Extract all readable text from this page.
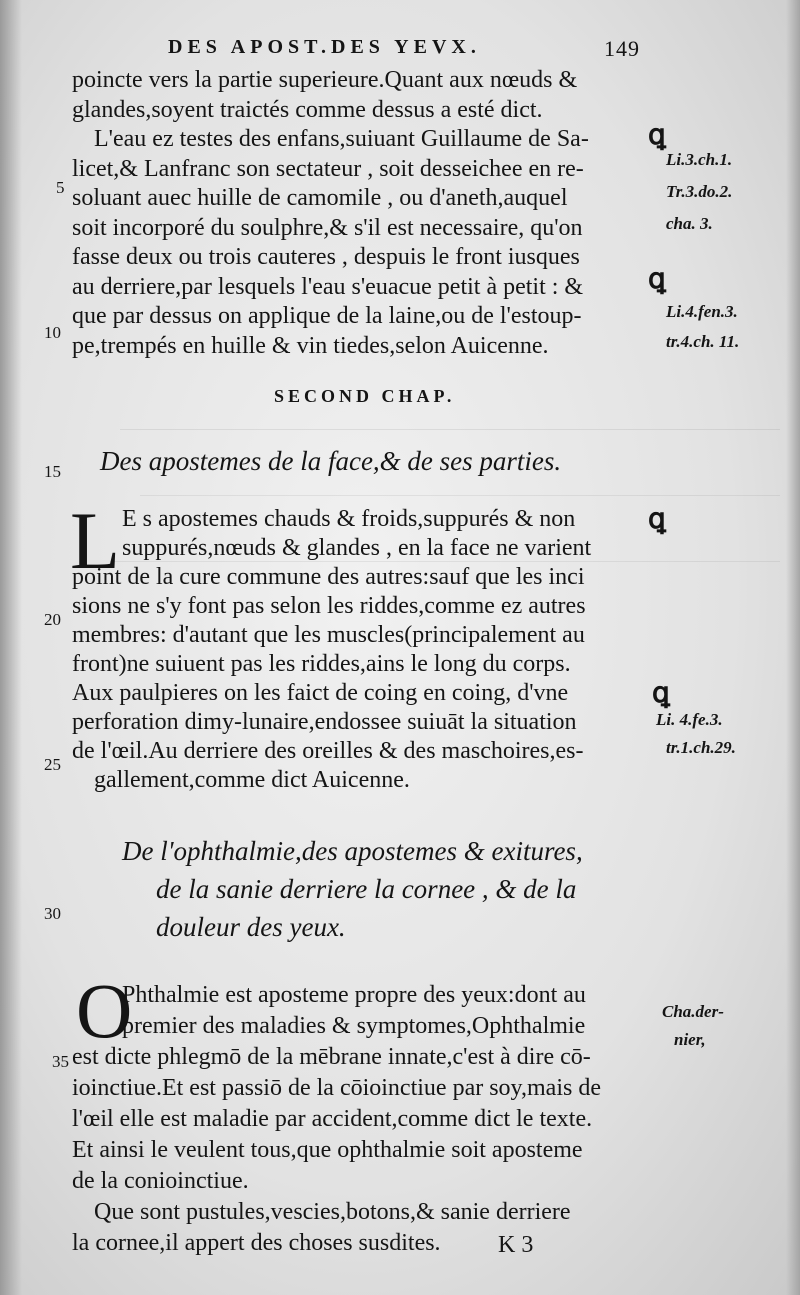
DES APOST.DES YEVX.	149
poincte vers la partie superieure.Quant aux nœuds &
glandes,soyent traictés comme dessus a esté dict.
L'eau ez testes des enfans,suiuant Guillaume de Sa-
licet,& Lanfranc son sectateur , soit desseichee en re-
soluant auec huille de camomile , ou d'aneth,auquel
soit incorporé du soulphre,& s'il est necessaire, qu'on
fasse deux ou trois cauteres , despuis le front iusques
au derriere,par lesquels l'eau s'euacue petit à petit : &
que par dessus on applique de la laine,ou de l'estoup-
pe,trempés en huille & vin tiedes,selon Auicenne.
SECOND CHAP.
Des apostemes de la face,& de ses parties.
L E s apostemes chauds & froids,suppurés & non
suppurés,nœuds & glandes , en la face ne varient
point de la cure commune des autres:sauf que les inci
sions ne s'y font pas selon les riddes,comme ez autres
membres: d'autant que les muscles(principalement au
front)ne suiuent pas les riddes,ains le long du corps.
Aux paulpieres on les faict de coing en coing, d'vne
perforation dimy-lunaire,endossee suiuāt la situation
de l'œil.Au derriere des oreilles & des maschoires,es-
gallement,comme dict Auicenne.
De l'ophthalmie,des apostemes & exitures,
de la sanie derriere la cornee , & de la
douleur des yeux.
O
Phthalmie est aposteme propre des yeux:dont au
premier des maladies & symptomes,Ophthalmie
est dicte phlegmō de la mēbrane innate,c'est à dire cō-
ioinctiue.Et est passiō de la cōioinctiue par soy,mais de
l'œil elle est maladie par accident,comme dict le texte.
Et ainsi le veulent tous,que ophthalmie soit aposteme
de la conioinctiue.
Que sont pustules,vescies,botons,& sanie derriere
la cornee,il appert des choses susdites.
5
10
15
20
25
30
35
ꝗ
ꝗ
ꝗ
ꝗ
Li.3.ch.1.
Tr.3.do.2.
cha. 3.
Li.4.fen.3.
tr.4.ch. 11.
Li. 4.fe.3.
tr.1.ch.29.
Cha.der-
nier,
K 3
